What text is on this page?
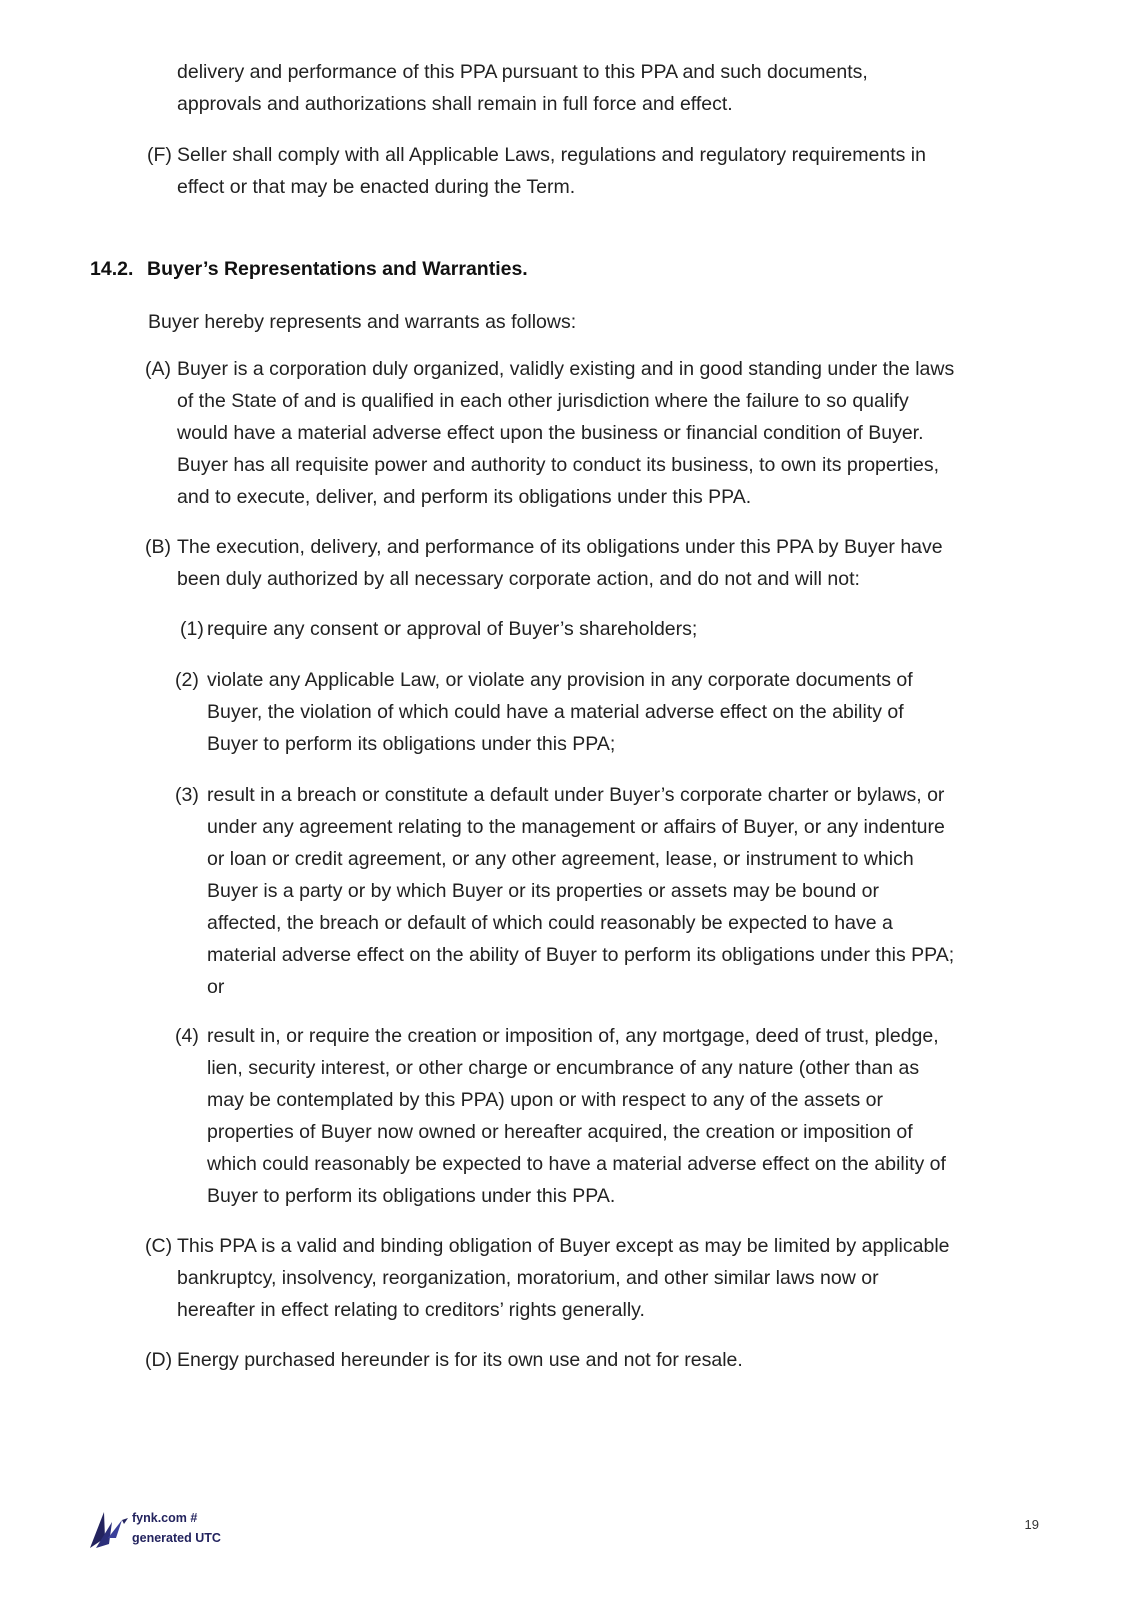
delivery and performance of this PPA pursuant to this PPA and such documents,
approvals and authorizations shall remain in full force and effect.
(F) Seller shall comply with all Applicable Laws, regulations and regulatory requirements in
effect or that may be enacted during the Term.
14.2. Buyer’s Representations and Warranties.
Buyer hereby represents and warrants as follows:
(A) Buyer is a corporation duly organized, validly existing and in good standing under the laws
of the State of and is qualified in each other jurisdiction where the failure to so qualify
would have a material adverse effect upon the business or financial condition of Buyer.
Buyer has all requisite power and authority to conduct its business, to own its properties,
and to execute, deliver, and perform its obligations under this PPA.
(B) The execution, delivery, and performance of its obligations under this PPA by Buyer have
been duly authorized by all necessary corporate action, and do not and will not:
(1) require any consent or approval of Buyer’s shareholders;
(2) violate any Applicable Law, or violate any provision in any corporate documents of
Buyer, the violation of which could have a material adverse effect on the ability of
Buyer to perform its obligations under this PPA;
(3) result in a breach or constitute a default under Buyer’s corporate charter or bylaws, or
under any agreement relating to the management or affairs of Buyer, or any indenture
or loan or credit agreement, or any other agreement, lease, or instrument to which
Buyer is a party or by which Buyer or its properties or assets may be bound or
affected, the breach or default of which could reasonably be expected to have a
material adverse effect on the ability of Buyer to perform its obligations under this PPA;
or
(4) result in, or require the creation or imposition of, any mortgage, deed of trust, pledge,
lien, security interest, or other charge or encumbrance of any nature (other than as
may be contemplated by this PPA) upon or with respect to any of the assets or
properties of Buyer now owned or hereafter acquired, the creation or imposition of
which could reasonably be expected to have a material adverse effect on the ability of
Buyer to perform its obligations under this PPA.
(C) This PPA is a valid and binding obligation of Buyer except as may be limited by applicable
bankruptcy, insolvency, reorganization, moratorium, and other similar laws now or
hereafter in effect relating to creditors’ rights generally.
(D) Energy purchased hereunder is for its own use and not for resale.
fynk.com #
generated UTC
19
